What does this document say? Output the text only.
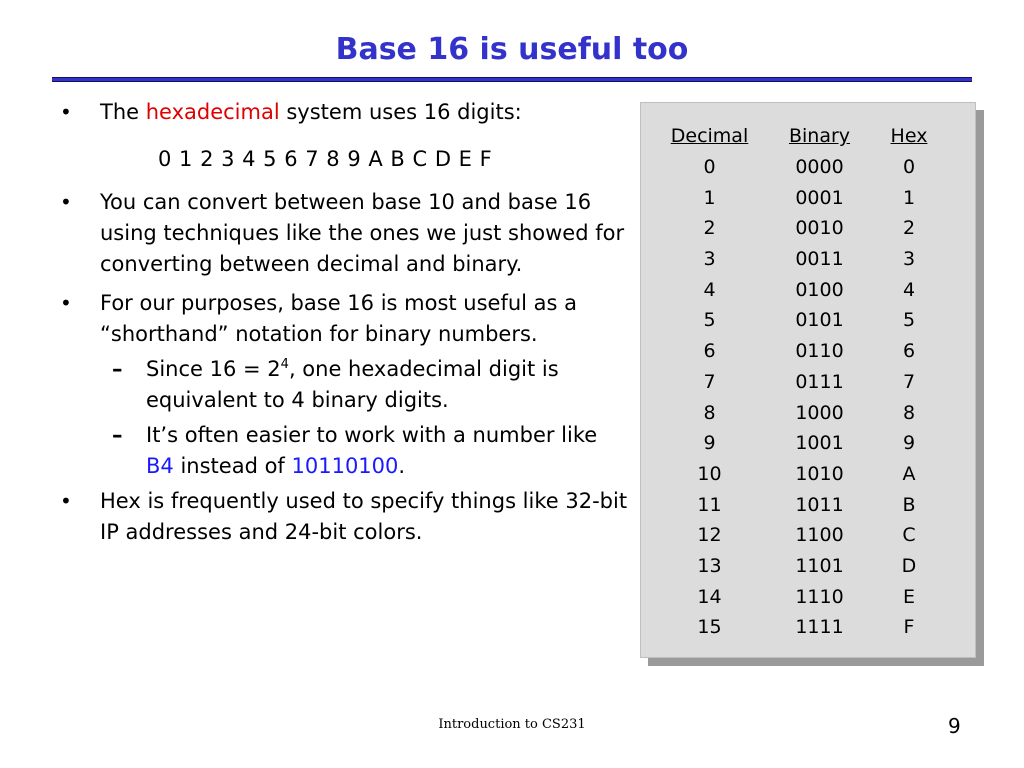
Base 16 is useful too
• The hexadecimal system uses 16 digits:
0 1 2 3 4 5 6 7 8 9 A B C D E F
• You can convert between base 10 and base 16 using techniques like the ones we just showed for converting between decimal and binary.
• For our purposes, base 16 is most useful as a “shorthand” notation for binary numbers.
– Since $16 = 2^4$, one hexadecimal digit is equivalent to 4 binary digits.
– It’s often easier to work with a number like B4 instead of 10110100.
• Hex is frequently used to specify things like 32-bit IP addresses and 24-bit colors.
Decimal	Binary	Hex
0	0000	0
1	0001	1
2	0010	2
3	0011	3
4	0100	4
5	0101	5
6	0110	6
7	0111	7
8	1000	8
9	1001	9
10	1010	A
11	1011	B
12	1100	C
13	1101	D
14	1110	E
15	1111	F
Introduction to CS231	9
